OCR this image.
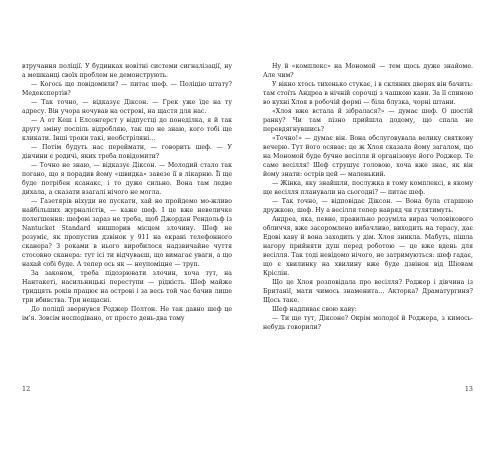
втручання поліції. У будинках новітні системи сигналізації, ну а мешканці своїх проблем не демонструють.

— Когось ще повідомили? — питає шеф. — Поліцію штату? Медекспертів?

— Так точно, — відказує Діксон. — Грек уже їде на ту адресу. Він учора ночував на острові, на щастя для нас.

— А от Кеш і Елсонгерст у відпустці до понеділка, я й так другу зміну поспіль відробляю, так що не знаю, кого тобі ще кликати. Інші троки такі, необстріляні…

— Потім будуть нас переймати, — говорить шеф. — У дівчини є родичі, яких треба повідомити?

— Точно не знаю, — відказує Діксон. — Молодий стало так погано, що я порадив йому «швидка» завезе її в лікарню. Її ще буде потрібен ксанакс, і то дуже сильно. Вона там ледве дихала, а сказати взагалі нічого не могла.

— Газетярів ніхуди не пускати, хай не пройдемо мо‑жливо найбільших журналістів, — каже шеф. І це вже невеличке полегшення: шефові зараз не треба, щоб Джордан Рендольф із Nantucket Standard нишпорив місцем злочину. Шеф не розуміє, як пропустив дзвінок у 911 на екрані телефонного сканера? З роками в нього виробилося надзвичайне чуття стосовно сканера: тут ісі ти відчуваєш, що вимагає уваги, а що нахай собі буде. А тепер ось як — неупоміцне — труп.

За законом, треба підозрювати злочин, хоча тут, на Нантакеті, насильницькі переступи — рідкість. Шеф майже тридцять років працює на острові і за весь той час бачив лише три вбивства. Три нещасні.

До поліції звернувся Роджер Полтон. Не так давно шеф це ім'я. Зовсім несподівано, от просто день-два тому

12

Ну й «комплекс» на Мономой — тем щось дуже знайоме. Але чим?

У вікно хтось тихенько стукає, і в скляних дверях він бачить: там стоїть Андреа в нічній сорочці з чашкою кави. За її спиною во кухні Хлоя в робочій формі — біла блузка, чорні штани.

«Хлоя вже встала й зібралася?» — думає шеф. О шостій ранку? Чи там пізно прийшла додому, що спала не перевдягнувшись?

«Точно!» — думає він. Вона обслуговувала велику святкову вечерю. Тут його осяває: це ж Хлоя сказала йому загалом, що на Мономой буде бучне весілля й організовує його Роджер. Те саме весілля! Шеф струшує головою, хоча вже знає, як він йому знати: острів цей — маленький.

— Жінка, яку знайшли, послужка в тому комплексі, в якому ще весілля планували на сьогодні? — питає шеф.

— Так точно, — відповідає Діксон. — Вона була старшою дружкою, шеф. Ну а весілля тепер навряд чи гулятимуть.

Андреа, яка, певне, правильно розуміла вираз чоловікового обличчя, вже засоромлено вибачливо, виходить на терасу, дає Едові каву й вона заходить у дім. Хлоя зникла. Мабуть, пішла нагору прийняти душ перед роботою — це вже вдень для весілля. Так тоді невідомо нічого, не затримуються: шеф гадає, що є хвилинку на хвилину вже буде дзвінок від Шіовам Кріслін.

Що це Хлоя розповідала про весілля? Роджер і дівчина із Британії, мати чимось знаменита… Акторка? Драматургиня? Щось таке.

Шеф надпиває свою каву:

— Ти ще тут, Діксоне? Окрім молодої й Роджера, з кимось-небудь говорили?

13
